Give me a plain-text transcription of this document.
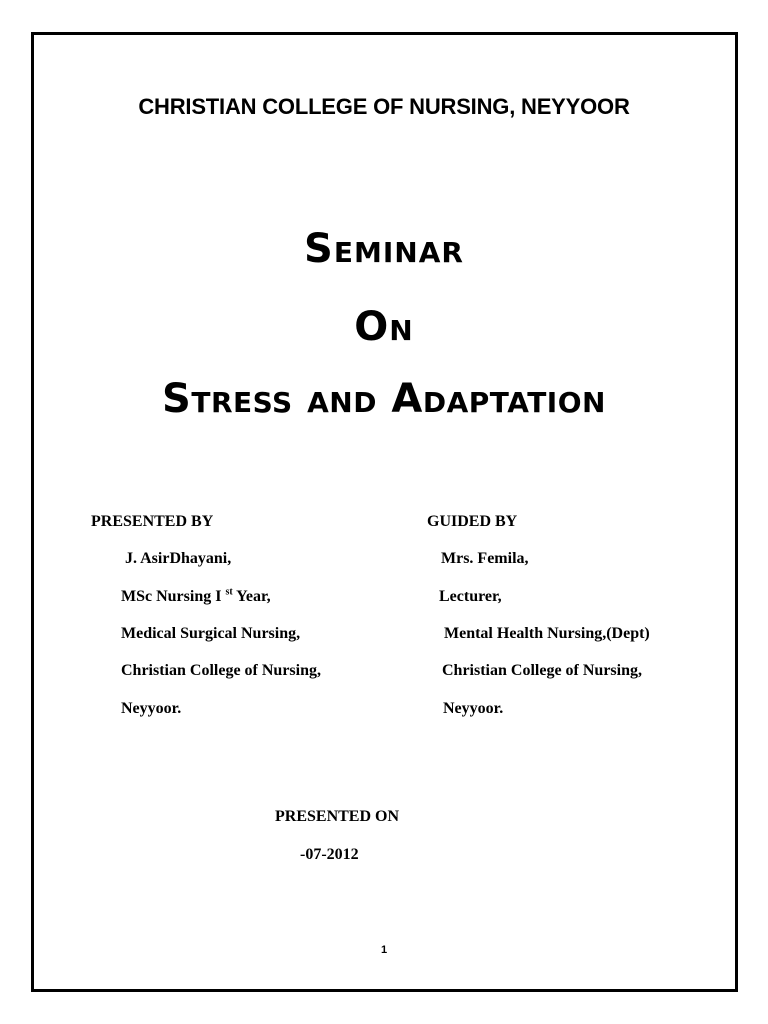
CHRISTIAN COLLEGE OF NURSING, NEYYOOR
Seminar
On
Stress and Adaptation
PRESENTED BY
J. AsirDhayani,
MSc Nursing I $^{st}$ Year,
Medical Surgical Nursing,
Christian College of Nursing,
Neyyoor.
GUIDED BY
Mrs. Femila,
Lecturer,
Mental Health Nursing,(Dept)
Christian College of Nursing,
Neyyoor.
PRESENTED ON
-07-2012
1
